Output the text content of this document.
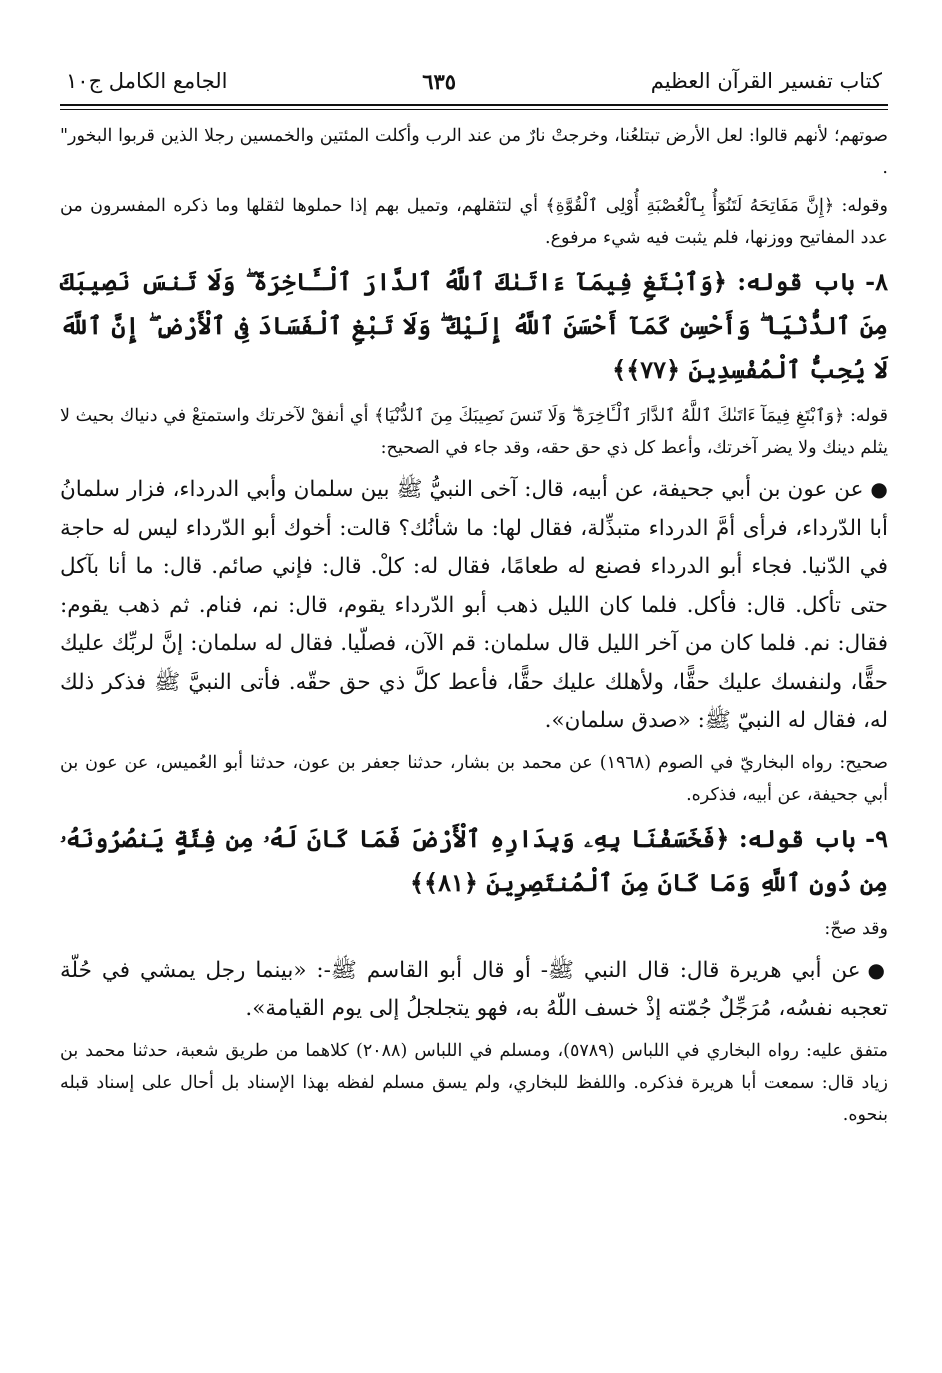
كتاب تفسير القرآن العظيم
٦٣٥
الجامع الكامل ج١٠

صوتهم؛ لأنهم قالوا: لعل الأرض تبتلعُنا، وخرجتْ نارٌ من عند الرب وأكلت المئتين والخمسين رجلا الذين قربوا البخور" .

وقوله: ﴿إِنَّ مَفَاتِحَهُ لَتَنُوٓأُ بِٱلْعُصْبَةِ أُوْلِى ٱلْقُوَّةِ﴾ أي لتثقلهم، وتميل بهم إذا حملوها لثقلها وما ذكره المفسرون من عدد المفاتيح ووزنها، فلم يثبت فيه شيء مرفوع.

٨- باب قوله: ﴿وَٱبْتَغِ فِيمَآ ءَاتَىٰكَ ٱللَّهُ ٱلدَّارَ ٱلْـَٔاخِرَةَ ۖ وَلَا تَنسَ نَصِيبَكَ مِنَ ٱلدُّنْيَا ۖ وَأَحْسِن كَمَآ أَحْسَنَ ٱللَّهُ إِلَيْكَ ۖ وَلَا تَبْغِ ٱلْفَسَادَ فِى ٱلْأَرْضِ ۖ إِنَّ ٱللَّهَ لَا يُحِبُّ ٱلْمُفْسِدِينَ ﴿٧٧﴾﴾

قوله: ﴿وَٱبْتَغِ فِيمَآ ءَاتَىٰكَ ٱللَّهُ ٱلدَّارَ ٱلْـَٔاخِرَةَ ۖ وَلَا تَنسَ نَصِيبَكَ مِنَ ٱلدُّنْيَا﴾ أي أنفقْ لآخرتك واستمتعْ في دنياك بحيث لا يثلم دينك ولا يضر آخرتك، وأعط كل ذي حق حقه، وقد جاء في الصحيح:

● عن عون بن أبي جحيفة، عن أبيه، قال: آخى النبيُّ ﷺ بين سلمان وأبي الدرداء، فزار سلمانُ أبا الدّرداء، فرأى أمَّ الدرداء متبذِّلة، فقال لها: ما شأنُك؟ قالت: أخوك أبو الدّرداء ليس له حاجة في الدّنيا. فجاء أبو الدرداء فصنع له طعامًا، فقال له: كلْ. قال: فإني صائم. قال: ما أنا بآكل حتى تأكل. قال: فأكل. فلما كان الليل ذهب أبو الدّرداء يقوم، قال: نم، فنام. ثم ذهب يقوم: فقال: نم. فلما كان من آخر الليل قال سلمان: قم الآن، فصلّيا. فقال له سلمان: إنَّ لربِّك عليك حقًّا، ولنفسك عليك حقًّا، ولأهلك عليك حقًّا، فأعط كلَّ ذي حق حقّه. فأتى النبيَّ ﷺ فذكر ذلك له، فقال له النبيّ ﷺ: «صدق سلمان».

صحيح: رواه البخاريّ في الصوم (١٩٦٨) عن محمد بن بشار، حدثنا جعفر بن عون، حدثنا أبو العُميس، عن عون بن أبي جحيفة، عن أبيه، فذكره.

٩- باب قوله: ﴿فَخَسَفْنَا بِهِۦ وَبِدَارِهِ ٱلْأَرْضَ فَمَا كَانَ لَهُۥ مِن فِئَةٍ يَنصُرُونَهُۥ مِن دُونِ ٱللَّهِ وَمَا كَانَ مِنَ ٱلْمُنتَصِرِينَ ﴿٨١﴾﴾

وقد صحّ:

● عن أبي هريرة قال: قال النبي ﷺ- أو قال أبو القاسم ﷺ-: «بينما رجل يمشي في حُلّة تعجبه نفسُه، مُرَجِّلٌ جُمّته إذْ خسف اللّهُ به، فهو يتجلجلُ إلى يوم القيامة».

متفق عليه: رواه البخاري في اللباس (٥٧٨٩)، ومسلم في اللباس (٢٠٨٨) كلاهما من طريق شعبة، حدثنا محمد بن زياد قال: سمعت أبا هريرة فذكره. واللفظ للبخاري، ولم يسق مسلم لفظه بهذا الإسناد بل أحال على إسناد قبله بنحوه.
